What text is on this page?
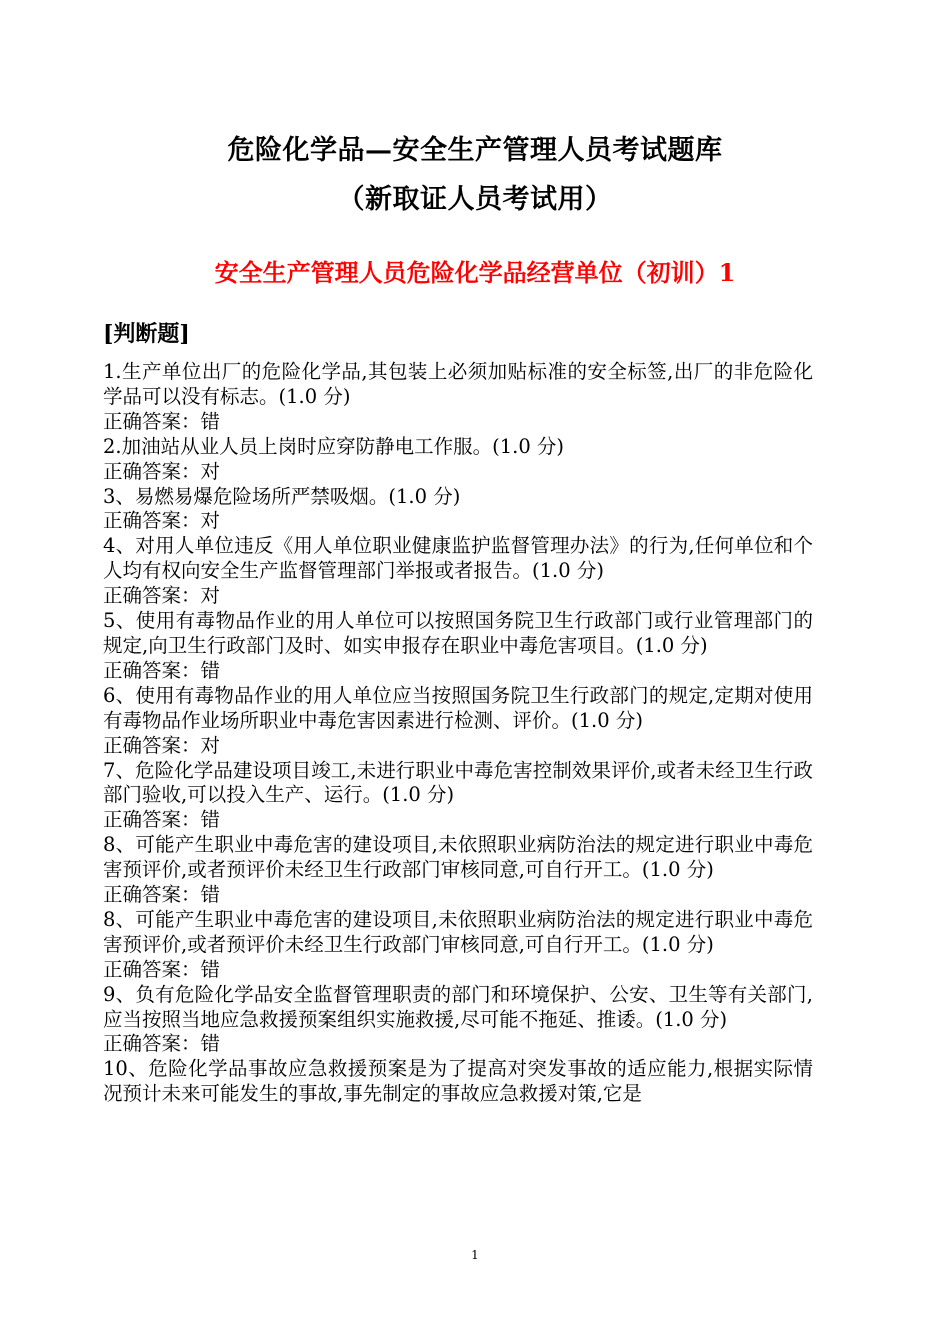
危险化学品—安全生产管理人员考试题库
（新取证人员考试用）
安全生产管理人员危险化学品经营单位（初训）1
[判断题]

1.生产单位出厂的危险化学品,其包装上必须加贴标准的安全标签,出厂的非危险化学品可以没有标志。(1.0 分)

正确答案：错

2.加油站从业人员上岗时应穿防静电工作服。(1.0 分)

正确答案：对

3、易燃易爆危险场所严禁吸烟。(1.0 分)

正确答案：对

4、对用人单位违反《用人单位职业健康监护监督管理办法》的行为,任何单位和个人均有权向安全生产监督管理部门举报或者报告。(1.0 分)

正确答案：对

5、使用有毒物品作业的用人单位可以按照国务院卫生行政部门或行业管理部门的规定,向卫生行政部门及时、如实申报存在职业中毒危害项目。(1.0 分)

正确答案：错

6、使用有毒物品作业的用人单位应当按照国务院卫生行政部门的规定,定期对使用有毒物品作业场所职业中毒危害因素进行检测、评价。(1.0 分)

正确答案：对

7、危险化学品建设项目竣工,未进行职业中毒危害控制效果评价,或者未经卫生行政部门验收,可以投入生产、运行。(1.0 分)

正确答案：错

8、可能产生职业中毒危害的建设项目,未依照职业病防治法的规定进行职业中毒危害预评价,或者预评价未经卫生行政部门审核同意,可自行开工。(1.0 分)

正确答案：错

8、可能产生职业中毒危害的建设项目,未依照职业病防治法的规定进行职业中毒危害预评价,或者预评价未经卫生行政部门审核同意,可自行开工。(1.0 分)

正确答案：错

9、负有危险化学品安全监督管理职责的部门和环境保护、公安、卫生等有关部门,应当按照当地应急救援预案组织实施救援,尽可能不拖延、推诿。(1.0 分)

正确答案：错

10、危险化学品事故应急救援预案是为了提高对突发事故的适应能力,根据实际情况预计未来可能发生的事故,事先制定的事故应急救援对策,它是

1
